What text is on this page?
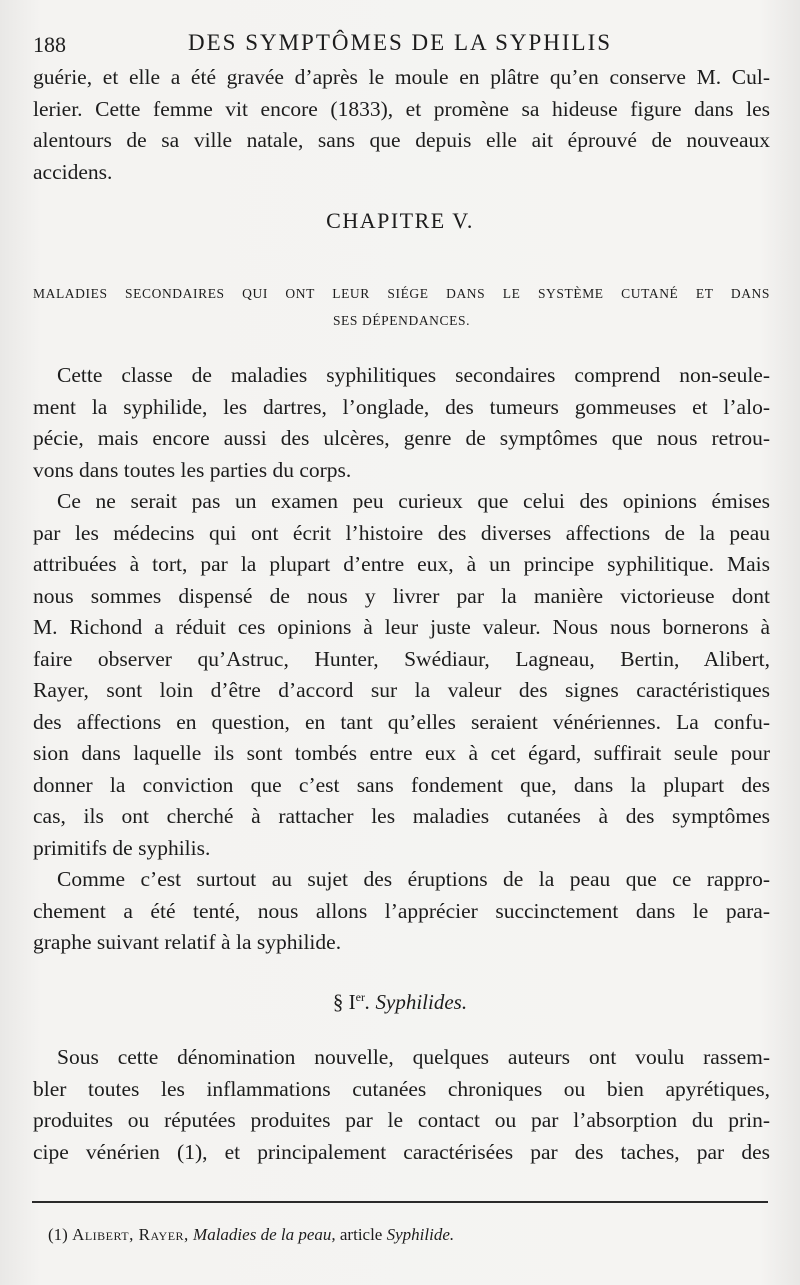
188	DES SYMPTÔMES DE LA SYPHILIS
guérie, et elle a été gravée d’après le moule en plâtre qu’en conserve M. Cul-
lerier. Cette femme vit encore (1833), et promène sa hideuse figure dans les
alentours de sa ville natale, sans que depuis elle ait éprouvé de nouveaux
accidens.
CHAPITRE V.
MALADIES SECONDAIRES QUI ONT LEUR SIÉGE DANS LE SYSTÈME CUTANÉ ET DANS
SES DÉPENDANCES.
Cette classe de maladies syphilitiques secondaires comprend non-seule-
ment la syphilide, les dartres, l’onglade, des tumeurs gommeuses et l’alo-
pécie, mais encore aussi des ulcères, genre de symptômes que nous retrou-
vons dans toutes les parties du corps.
Ce ne serait pas un examen peu curieux que celui des opinions émises
par les médecins qui ont écrit l’histoire des diverses affections de la peau
attribuées à tort, par la plupart d’entre eux, à un principe syphilitique. Mais
nous sommes dispensé de nous y livrer par la manière victorieuse dont
M. Richond a réduit ces opinions à leur juste valeur. Nous nous bornerons à
faire observer qu’Astruc, Hunter, Swédiaur, Lagneau, Bertin, Alibert,
Rayer, sont loin d’être d’accord sur la valeur des signes caractéristiques
des affections en question, en tant qu’elles seraient vénériennes. La confu-
sion dans laquelle ils sont tombés entre eux à cet égard, suffirait seule pour
donner la conviction que c’est sans fondement que, dans la plupart des
cas, ils ont cherché à rattacher les maladies cutanées à des symptômes
primitifs de syphilis.
Comme c’est surtout au sujet des éruptions de la peau que ce rappro-
chement a été tenté, nous allons l’apprécier succinctement dans le para-
graphe suivant relatif à la syphilide.
§ Ier. Syphilides.
Sous cette dénomination nouvelle, quelques auteurs ont voulu rassem-
bler toutes les inflammations cutanées chroniques ou bien apyrétiques,
produites ou réputées produites par le contact ou par l’absorption du prin-
cipe vénérien (1), et principalement caractérisées par des taches, par des
(1) Alibert, Rayer, Maladies de la peau, article Syphilide.
